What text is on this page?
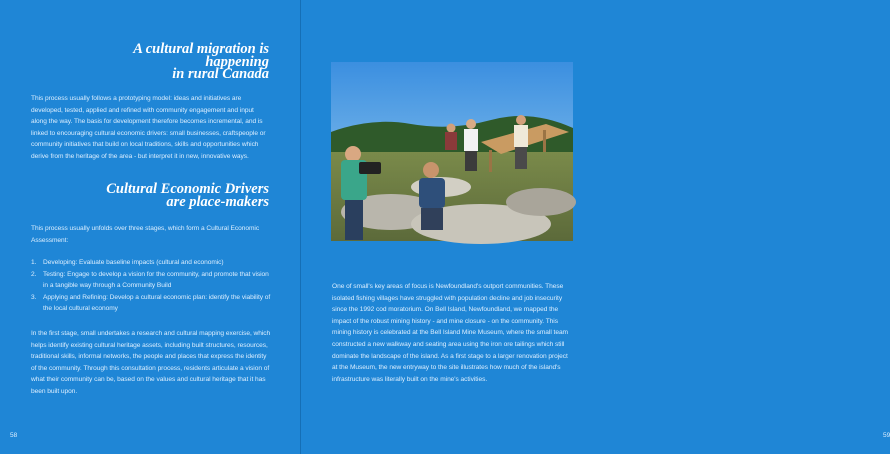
A cultural migration is
happening
in rural Canada

This process usually follows a prototyping model: ideas and initiatives are developed, tested, applied and refined with community engagement and input along the way. The basis for development therefore becomes incremental, and is linked to encouraging cultural economic drivers: small businesses, craftspeople or community initiatives that build on local traditions, skills and opportunities which derive from the heritage of the area - but interpret it in new, innovative ways.

Cultural Economic Drivers
are place-makers

This process usually unfolds over three stages, which form a Cultural Economic Assessment:

1. Developing: Evaluate baseline impacts (cultural and economic)
2. Testing: Engage to develop a vision for the community, and promote that vision in a tangible way through a Community Build
3. Applying and Refining: Develop a cultural economic plan: identify the viability of the local cultural economy

In the first stage, small undertakes a research and cultural mapping exercise, which helps identify existing cultural heritage assets, including built structures, resources, traditional skills, informal networks, the people and places that express the identity of the community. Through this consultation process, residents articulate a vision of what their community can be, based on the values and cultural heritage that it has been built upon.

58	59

One of small's key areas of focus is Newfoundland's outport communities. These isolated fishing villages have struggled with population decline and job insecurity since the 1992 cod moratorium. On Bell Island, Newfoundland, we mapped the impact of the robust mining history - and mine closure - on the community. This mining history is celebrated at the Bell Island Mine Museum, where the small team constructed a new walkway and seating area using the iron ore tailings which still dominate the landscape of the island. As a first stage to a larger renovation project at the Museum, the new entryway to the site illustrates how much of the island's infrastructure was literally built on the mine's activities.
